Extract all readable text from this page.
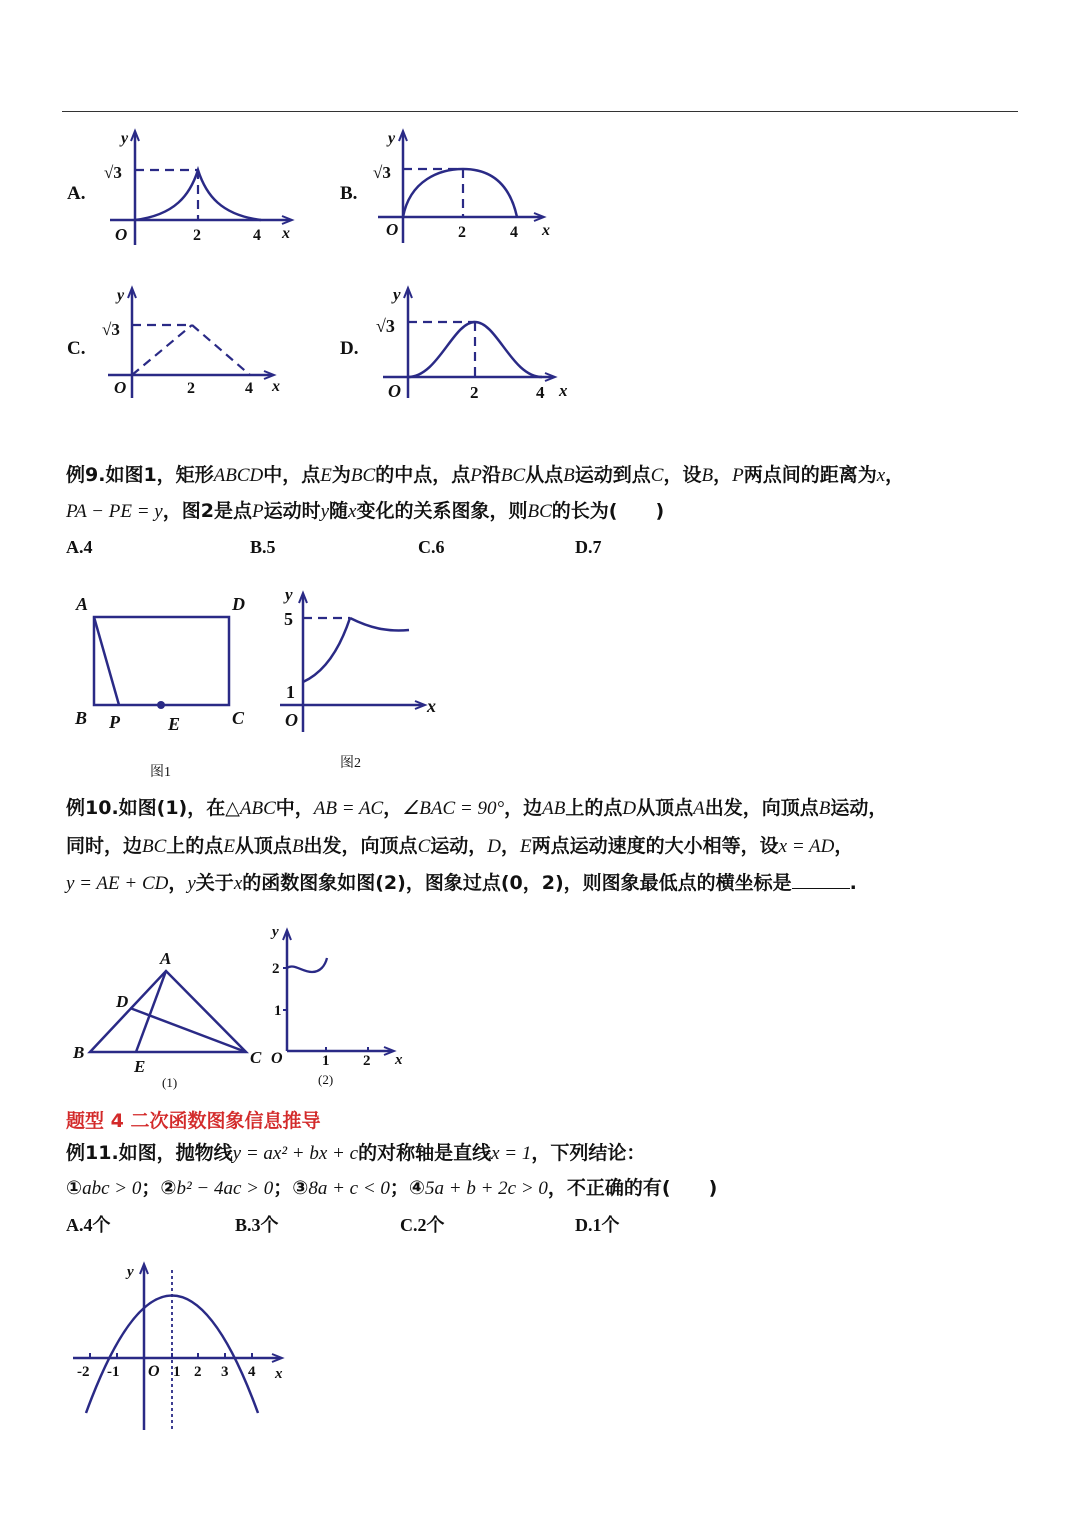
A.
y
√3
O	2	4 x
B.
y
√3
O	2	4 x
C.
y
√3
O	2	4 x
D.
y
√3
O	2	4 x
例9.如图1，矩形ABCD中，点E为BC的中点，点P沿BC从点B运动到点C，设B，P两点间的距离为x，
PA − PE = y，图2是点P运动时y随x变化的关系图象，则BC的长为(　　)
A.4	B.5	C.6	D.7
A	D
B P	E	C
图1
y
5
1
O
x
图2
例10.如图(1)，在△ABC中，AB = AC，∠BAC = 90°，边AB上的点D从顶点A出发，向顶点B运动，
同时，边BC上的点E从顶点B出发，向顶点C运动，D，E两点运动速度的大小相等，设x = AD，
y = AE + CD，y关于x的函数图象如图(2)，图象过点(0，2)，则图象最低点的横坐标是	.
A
D
B
E	C
(1)
y
2
1
O	1 2 x
(2)
题型 4 二次函数图象信息推导
例11.如图，抛物线y = ax² + bx + c的对称轴是直线x = 1，下列结论：
①abc > 0；②b² − 4ac > 0；③8a + c < 0；④5a + b + 2c > 0，不正确的有(　　)
A.4个	B.3个	C.2个	D.1个
y
-2 -1 O 1 2 3 4 x
